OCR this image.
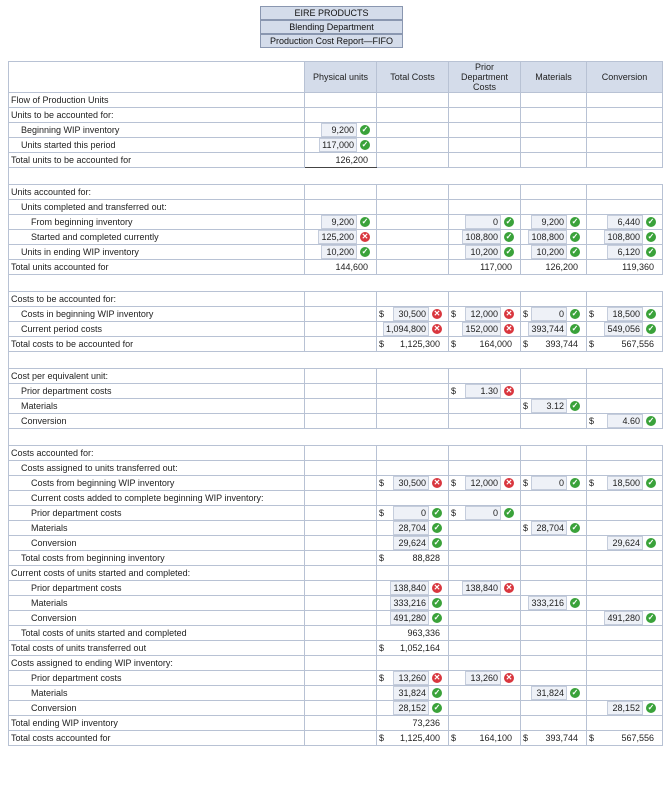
EIRE PRODUCTS
Blending Department
Production Cost Report—FIFO
	Physical units	Total Costs	Prior Department Costs	Materials	Conversion
Flow of Production Units					
Units to be accounted for:					
Beginning WIP inventory	9,200 ✓				

Units started this period	117,000 ✓				

Total units to be accounted for	126,200				

Units accounted for:					
Units completed and transferred out:					
From beginning inventory	9,200 ✓		0 ✓	9,200 ✓	6,440 ✓

Started and completed currently	125,200 ✕		108,800 ✓	108,800 ✓	108,800 ✓

Units in ending WIP inventory	10,200 ✓		10,200 ✓	10,200 ✓	6,120 ✓

Total units accounted for	144,600		117,000	126,200	119,360

Costs to be accounted for:					
Costs in beginning WIP inventory		$ 30,500 ✕	$ 12,000 ✕	$ 0 ✓	$ 18,500 ✓

Current period costs		1,094,800 ✕	152,000 ✕	393,744 ✓	549,056 ✓

Total costs to be accounted for		$ 1,125,300	$ 164,000	$ 393,744	$ 567,556

Cost per equivalent unit:					
Prior department costs			$ 1.30 ✕		

Materials				$ 3.12 ✓	

Conversion					$ 4.60 ✓

Costs accounted for:					
Costs assigned to units transferred out:					
Costs from beginning WIP inventory		$ 30,500 ✕	$ 12,000 ✕	$ 0 ✓	$ 18,500 ✓

Current costs added to complete beginning WIP inventory:					
Prior department costs		$ 0 ✓	$ 0 ✓		

Materials		28,704 ✓		$ 28,704 ✓	

Conversion		29,624 ✓			29,624 ✓

Total costs from beginning inventory		$ 88,828			

Current costs of units started and completed:					
Prior department costs		138,840 ✕	138,840 ✕		

Materials		333,216 ✓		333,216 ✓	

Conversion		491,280 ✓			491,280 ✓

Total costs of units started and completed		963,336			

Total costs of units transferred out		$ 1,052,164			

Costs assigned to ending WIP inventory:					
Prior department costs		$ 13,260 ✕	13,260 ✕		

Materials		31,824 ✓		31,824 ✓	

Conversion		28,152 ✓			28,152 ✓

Total ending WIP inventory		73,236			

Total costs accounted for		$ 1,125,400	$ 164,100	$ 393,744	$ 567,556
